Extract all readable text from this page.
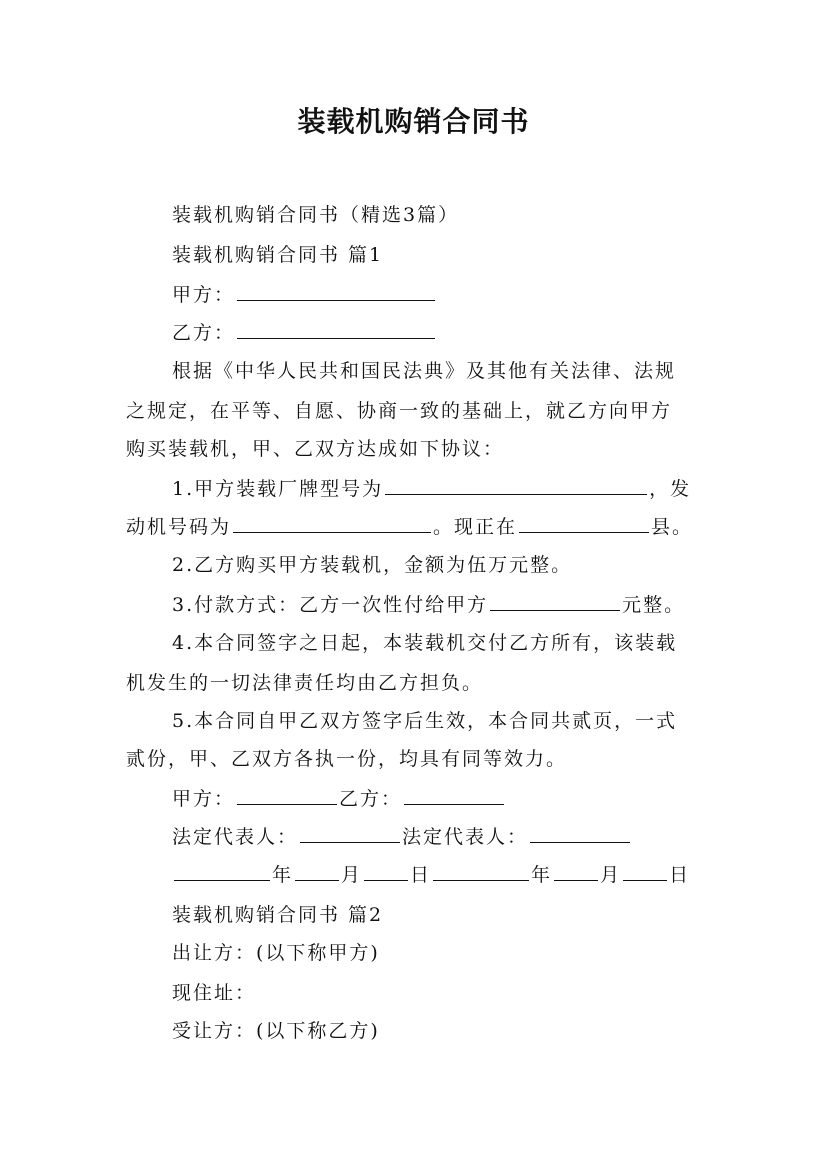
装载机购销合同书
装载机购销合同书（精选3篇）
装载机购销合同书 篇1
甲方：
乙方：
根据《中华人民共和国民法典》及其他有关法律、法规
之规定，在平等、自愿、协商一致的基础上，就乙方向甲方
购买装载机，甲、乙双方达成如下协议：
1.甲方装载厂牌型号为	，发
动机号码为	。现正在	县。
2.乙方购买甲方装载机，金额为伍万元整。
3.付款方式：乙方一次性付给甲方	元整。
4.本合同签字之日起，本装载机交付乙方所有，该装载
机发生的一切法律责任均由乙方担负。
5.本合同自甲乙双方签字后生效，本合同共贰页，一式
贰份，甲、乙双方各执一份，均具有同等效力。
甲方：	乙方：
法定代表人：	法定代表人：
年	月	日	年	月	日
装载机购销合同书 篇2
出让方：(以下称甲方)
现住址：
受让方：(以下称乙方)
